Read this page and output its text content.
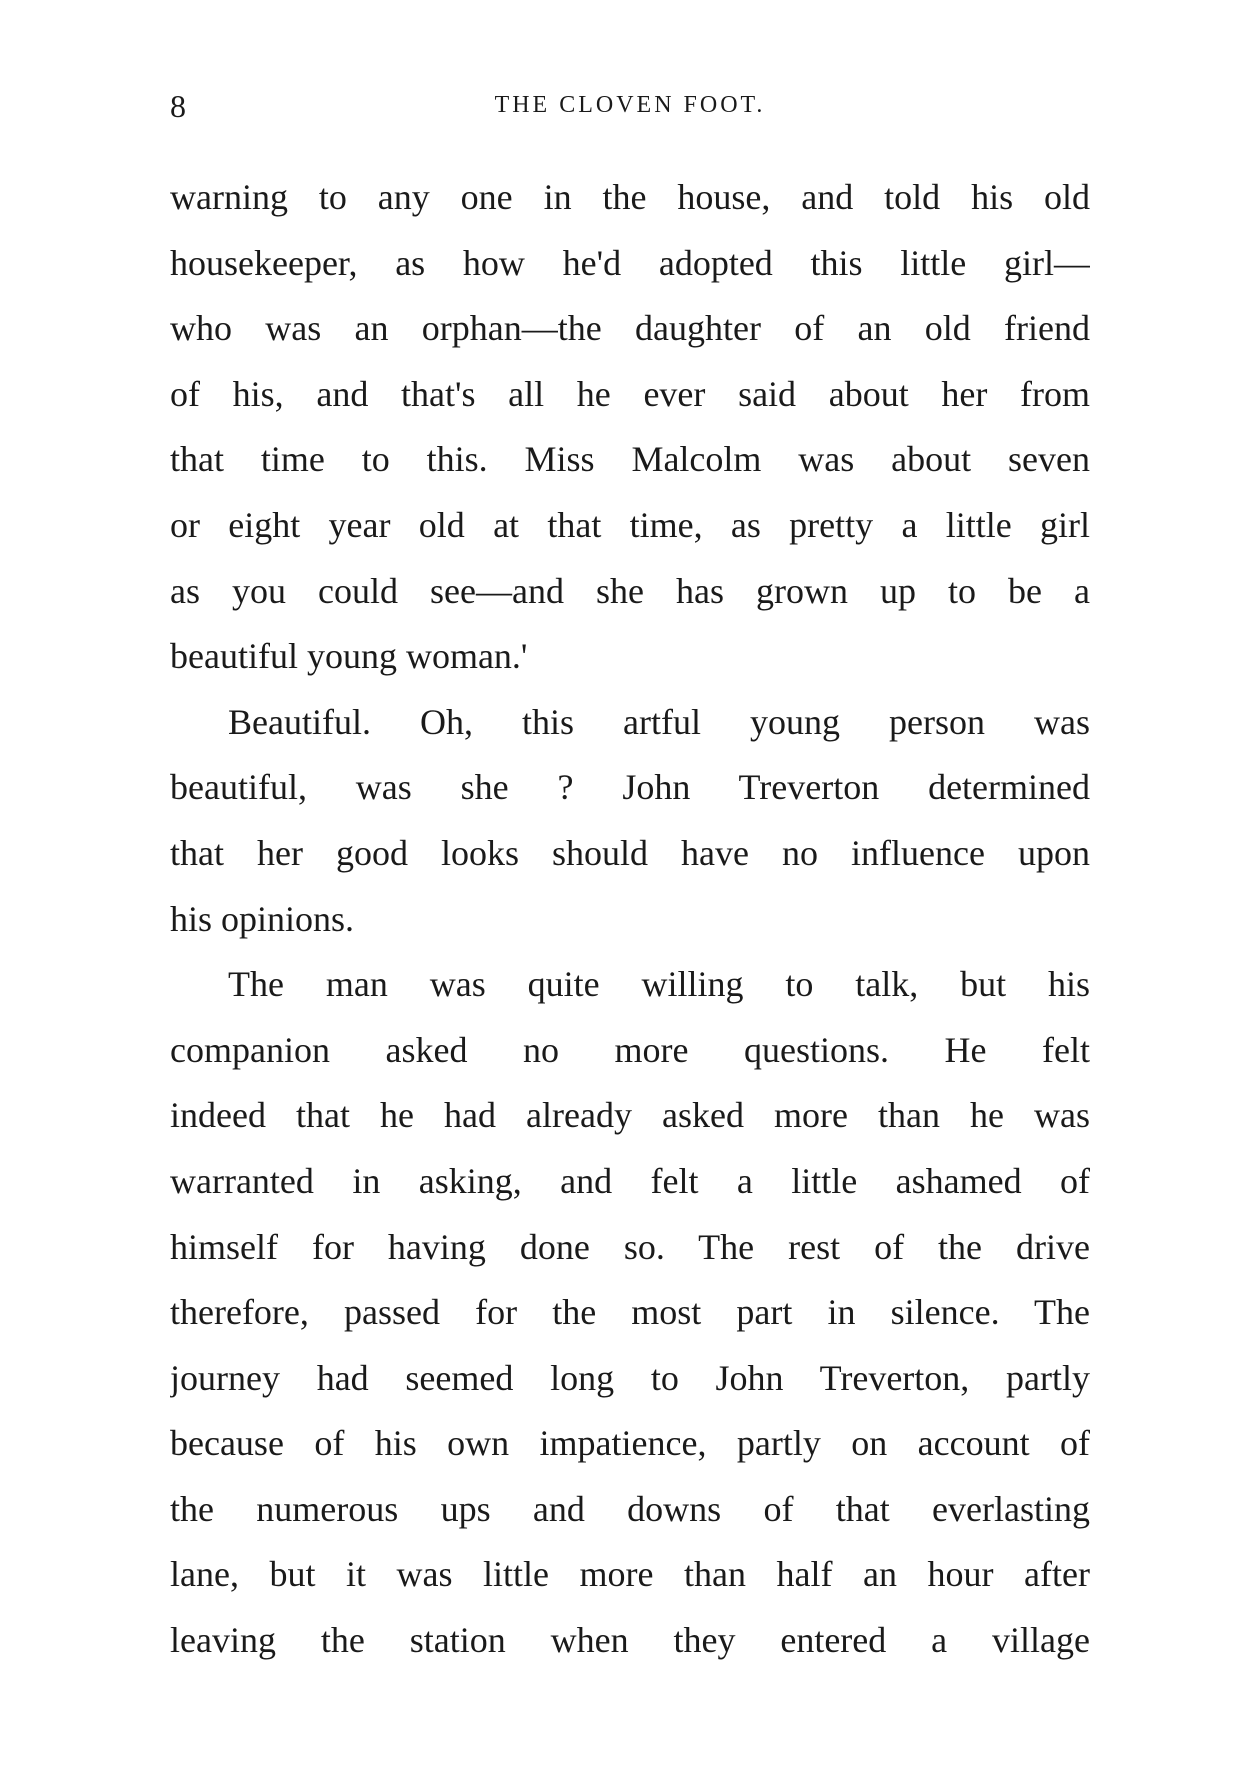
8	THE CLOVEN FOOT.
warning to any one in the house, and told his old
housekeeper, as how he'd adopted this little girl—
who was an orphan—the daughter of an old friend
of his, and that's all he ever said about her from
that time to this. Miss Malcolm was about seven
or eight year old at that time, as pretty a little girl
as you could see—and she has grown up to be a
beautiful young woman.'
Beautiful. Oh, this artful young person was
beautiful, was she ? John Treverton determined
that her good looks should have no influence upon
his opinions.
The man was quite willing to talk, but his
companion asked no more questions. He felt
indeed that he had already asked more than he was
warranted in asking, and felt a little ashamed of
himself for having done so. The rest of the drive
therefore, passed for the most part in silence. The
journey had seemed long to John Treverton, partly
because of his own impatience, partly on account of
the numerous ups and downs of that everlasting
lane, but it was little more than half an hour after
leaving the station when they entered a village
